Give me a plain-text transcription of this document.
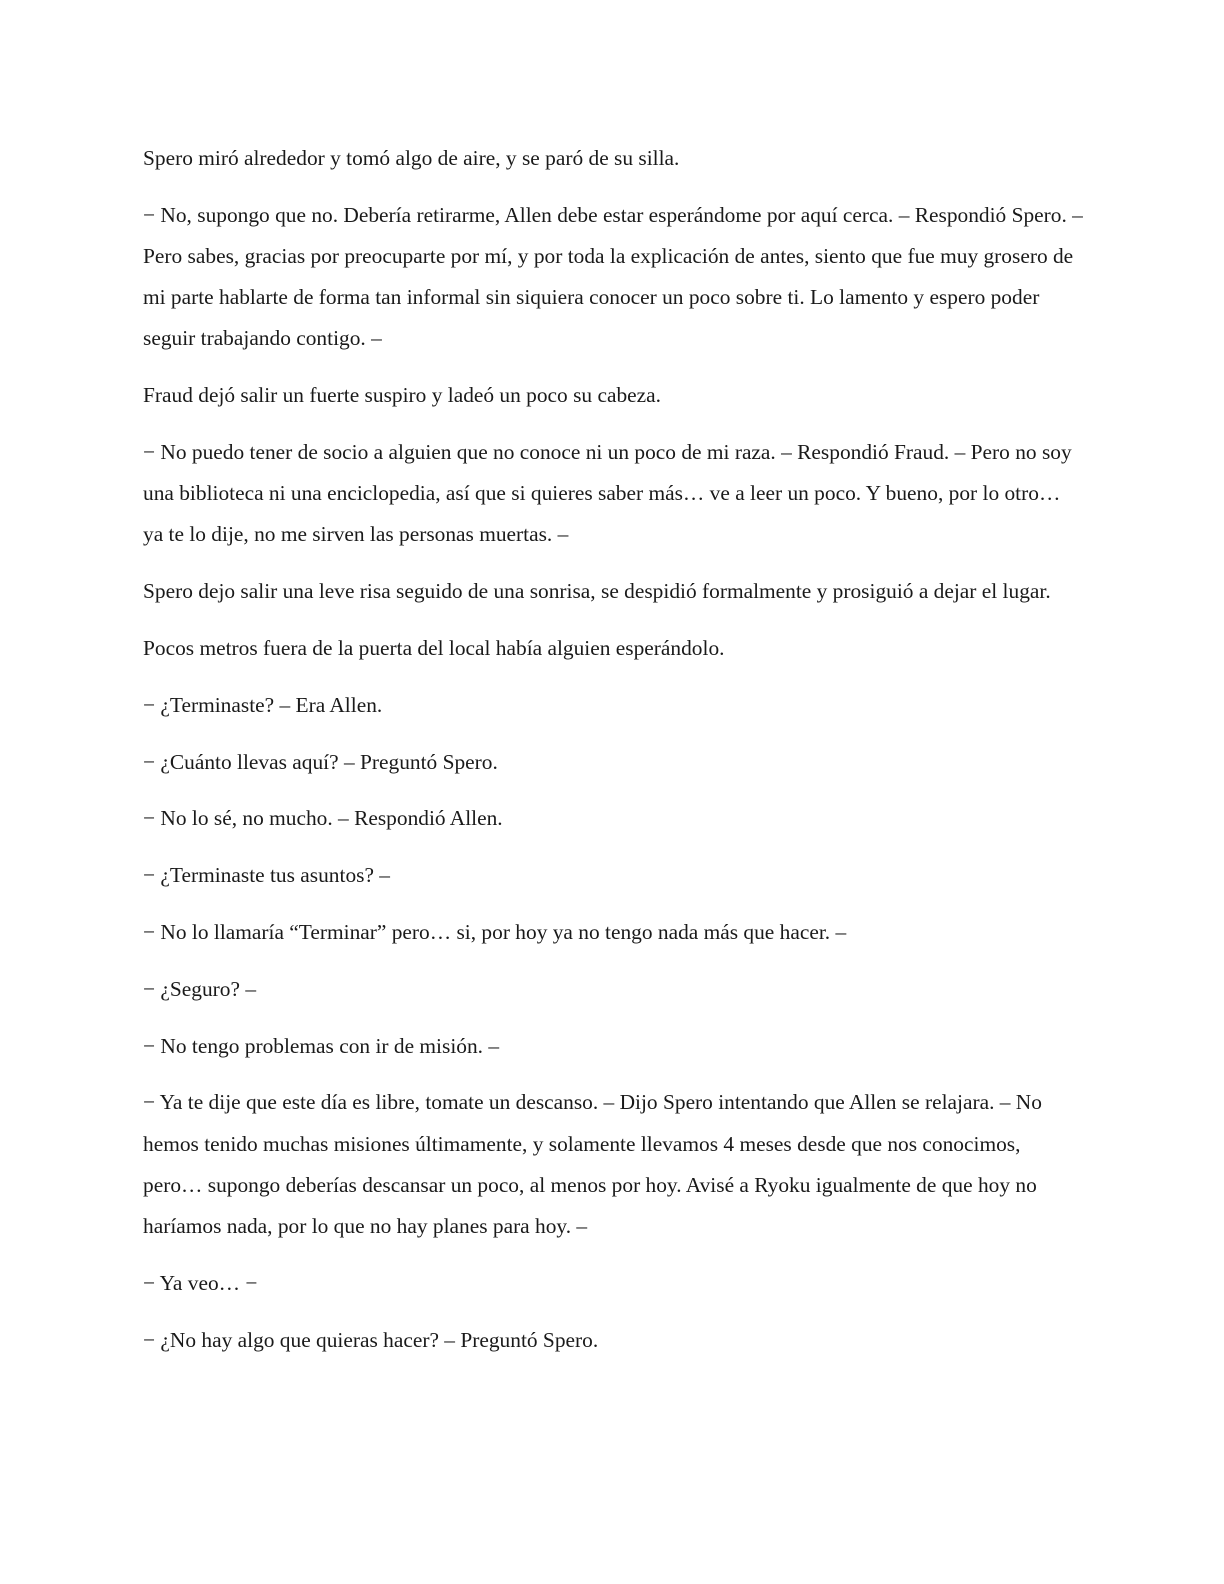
Spero miró alrededor y tomó algo de aire, y se paró de su silla.

− No, supongo que no. Debería retirarme, Allen debe estar esperándome por aquí cerca. – Respondió Spero. – Pero sabes, gracias por preocuparte por mí, y por toda la explicación de antes, siento que fue muy grosero de mi parte hablarte de forma tan informal sin siquiera conocer un poco sobre ti. Lo lamento y espero poder seguir trabajando contigo. –

Fraud dejó salir un fuerte suspiro y ladeó un poco su cabeza.

− No puedo tener de socio a alguien que no conoce ni un poco de mi raza. – Respondió Fraud. – Pero no soy una biblioteca ni una enciclopedia, así que si quieres saber más… ve a leer un poco. Y bueno, por lo otro… ya te lo dije, no me sirven las personas muertas. –

Spero dejo salir una leve risa seguido de una sonrisa, se despidió formalmente y prosiguió a dejar el lugar.

Pocos metros fuera de la puerta del local había alguien esperándolo.

− ¿Terminaste? – Era Allen.

− ¿Cuánto llevas aquí? – Preguntó Spero.

− No lo sé, no mucho. – Respondió Allen.

− ¿Terminaste tus asuntos? –

− No lo llamaría “Terminar” pero… si, por hoy ya no tengo nada más que hacer. –

− ¿Seguro? –

− No tengo problemas con ir de misión. –

− Ya te dije que este día es libre, tomate un descanso. – Dijo Spero intentando que Allen se relajara. – No hemos tenido muchas misiones últimamente, y solamente llevamos 4 meses desde que nos conocimos, pero… supongo deberías descansar un poco, al menos por hoy. Avisé a Ryoku igualmente de que hoy no haríamos nada, por lo que no hay planes para hoy. –

− Ya veo… −

− ¿No hay algo que quieras hacer? – Preguntó Spero.
